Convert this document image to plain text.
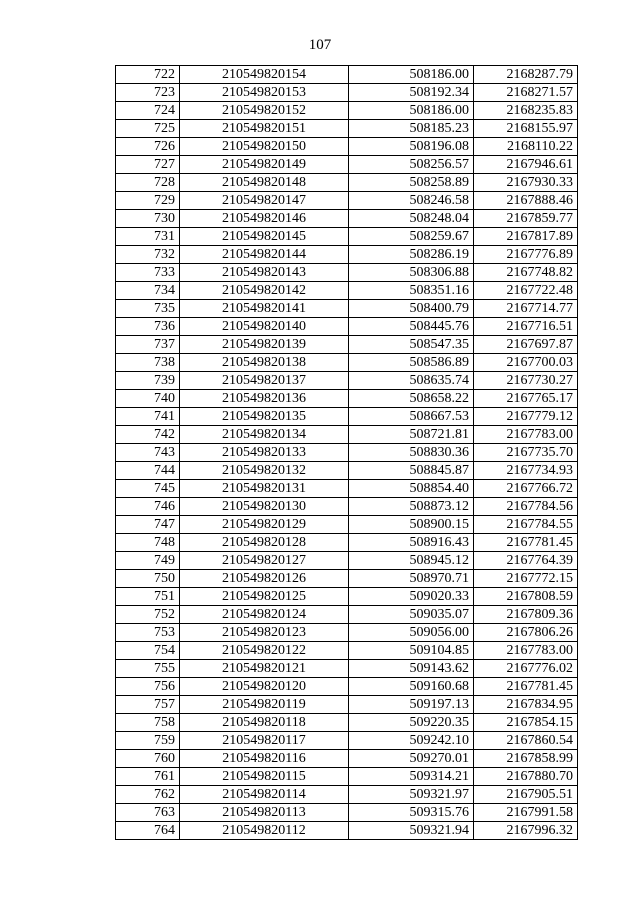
107
722	210549820154	508186.00	2168287.79
723	210549820153	508192.34	2168271.57
724	210549820152	508186.00	2168235.83
725	210549820151	508185.23	2168155.97
726	210549820150	508196.08	2168110.22
727	210549820149	508256.57	2167946.61
728	210549820148	508258.89	2167930.33
729	210549820147	508246.58	2167888.46
730	210549820146	508248.04	2167859.77
731	210549820145	508259.67	2167817.89
732	210549820144	508286.19	2167776.89
733	210549820143	508306.88	2167748.82
734	210549820142	508351.16	2167722.48
735	210549820141	508400.79	2167714.77
736	210549820140	508445.76	2167716.51
737	210549820139	508547.35	2167697.87
738	210549820138	508586.89	2167700.03
739	210549820137	508635.74	2167730.27
740	210549820136	508658.22	2167765.17
741	210549820135	508667.53	2167779.12
742	210549820134	508721.81	2167783.00
743	210549820133	508830.36	2167735.70
744	210549820132	508845.87	2167734.93
745	210549820131	508854.40	2167766.72
746	210549820130	508873.12	2167784.56
747	210549820129	508900.15	2167784.55
748	210549820128	508916.43	2167781.45
749	210549820127	508945.12	2167764.39
750	210549820126	508970.71	2167772.15
751	210549820125	509020.33	2167808.59
752	210549820124	509035.07	2167809.36
753	210549820123	509056.00	2167806.26
754	210549820122	509104.85	2167783.00
755	210549820121	509143.62	2167776.02
756	210549820120	509160.68	2167781.45
757	210549820119	509197.13	2167834.95
758	210549820118	509220.35	2167854.15
759	210549820117	509242.10	2167860.54
760	210549820116	509270.01	2167858.99
761	210549820115	509314.21	2167880.70
762	210549820114	509321.97	2167905.51
763	210549820113	509315.76	2167991.58
764	210549820112	509321.94	2167996.32
